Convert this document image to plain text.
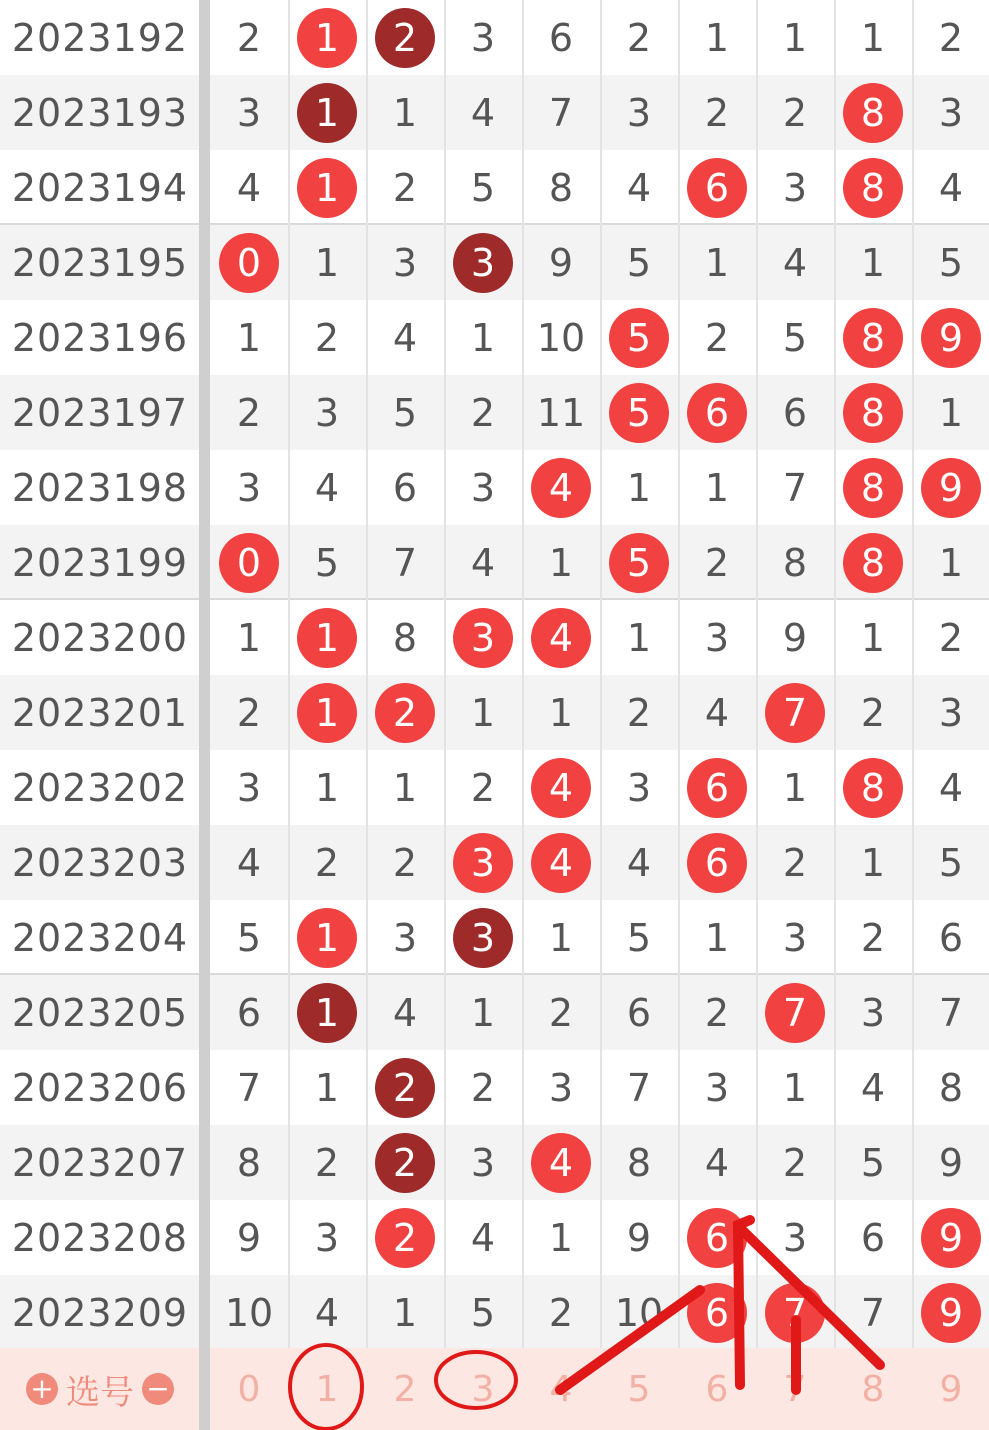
2023192	2	1	2	3 6 2 1 1 1 2
2023193	3	1	1 4 7 3 2 2	8	3
2023194	4	1	2 5 8 4	6	3	8	4
2023195	0	1 3	3	9 5 1 4 1 5
2023196	1 2 4 1 10	5	2 5	8	9
2023197	2 3 5 2 11	5	6	6	8	1
2023198	3 4 6 3	4	1 1 7	8	9
2023199	0	5 7 4 1	5	2 8	8	1
2023200	1	1	8	3	4	1 3 9 1 2
2023201	2	1	2	1 1 2 4	7	2 3
2023202	3 1 1 2	4	3	6	1	8	4
2023203	4 2 2	3	4	4	6	2 1 5
2023204	5	1	3	3	1 5 1 3 2 6
2023205	6	1	4 1 2 6 2	7	3 7
2023206	7 1	2	2 3 7 3 1 4 8
2023207	8 2	2	3	4	8 4 2 5 9
2023208	9 3	2	4 1 9	6	3 6	9
2023209 10 4 1 5 2 10	6	7	7	9
+ 选号 −	0	1	2	3	4	5	6	7	8	9
